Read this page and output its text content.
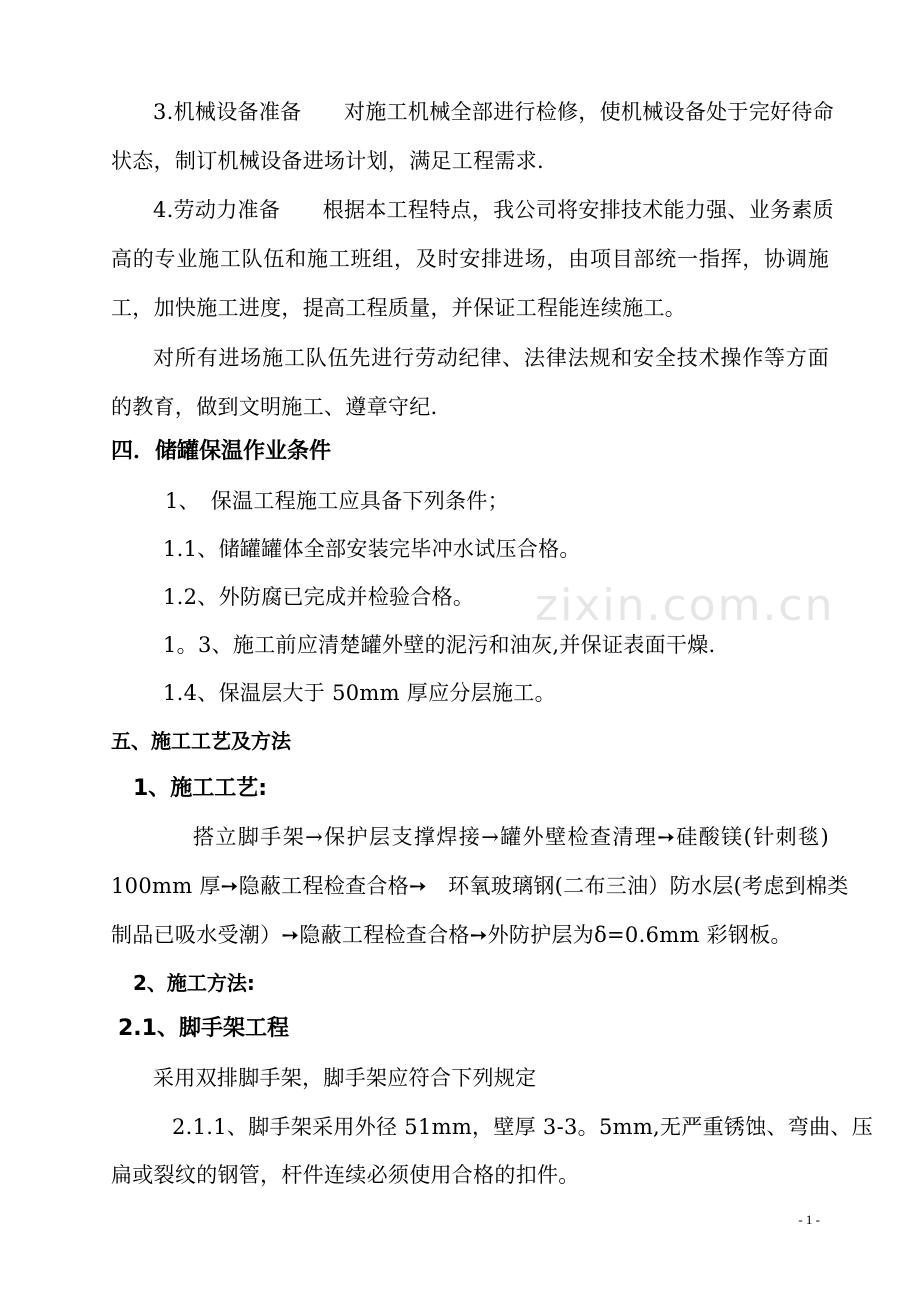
zixin.com.cn
3.机械设备准备　　对施工机械全部进行检修，使机械设备处于完好待命
状态，制订机械设备进场计划，满足工程需求.
4.劳动力准备　　根据本工程特点，我公司将安排技术能力强、业务素质
高的专业施工队伍和施工班组，及时安排进场，由项目部统一指挥，协调施
工，加快施工进度，提高工程质量，并保证工程能连续施工。
对所有进场施工队伍先进行劳动纪律、法律法规和安全技术操作等方面
的教育，做到文明施工、遵章守纪.
四．储罐保温作业条件
1、　保温工程施工应具备下列条件；
1.1、储罐罐体全部安装完毕冲水试压合格。
1.2、外防腐已完成并检验合格。
1。3、施工前应清楚罐外壁的泥污和油灰,并保证表面干燥.
1.4、保温层大于 50mm 厚应分层施工。
五、施工工艺及方法
1、施工工艺:
搭立脚手架→保护层支撑焊接→罐外壁检查清理➙硅酸镁(针刺毯)
100mm 厚➙隐蔽工程检查合格➙　环氧玻璃钢(二布三油）防水层(考虑到棉类
制品已吸水受潮）➙隐蔽工程检查合格➙外防护层为δ=0.6mm 彩钢板。
2、施工方法:
2.1、脚手架工程
采用双排脚手架，脚手架应符合下列规定
2.1.1、脚手架采用外径 51mm，壁厚 3-3。5mm,无严重锈蚀、弯曲、压
扁或裂纹的钢管，杆件连续必须使用合格的扣件。
- 1 -
